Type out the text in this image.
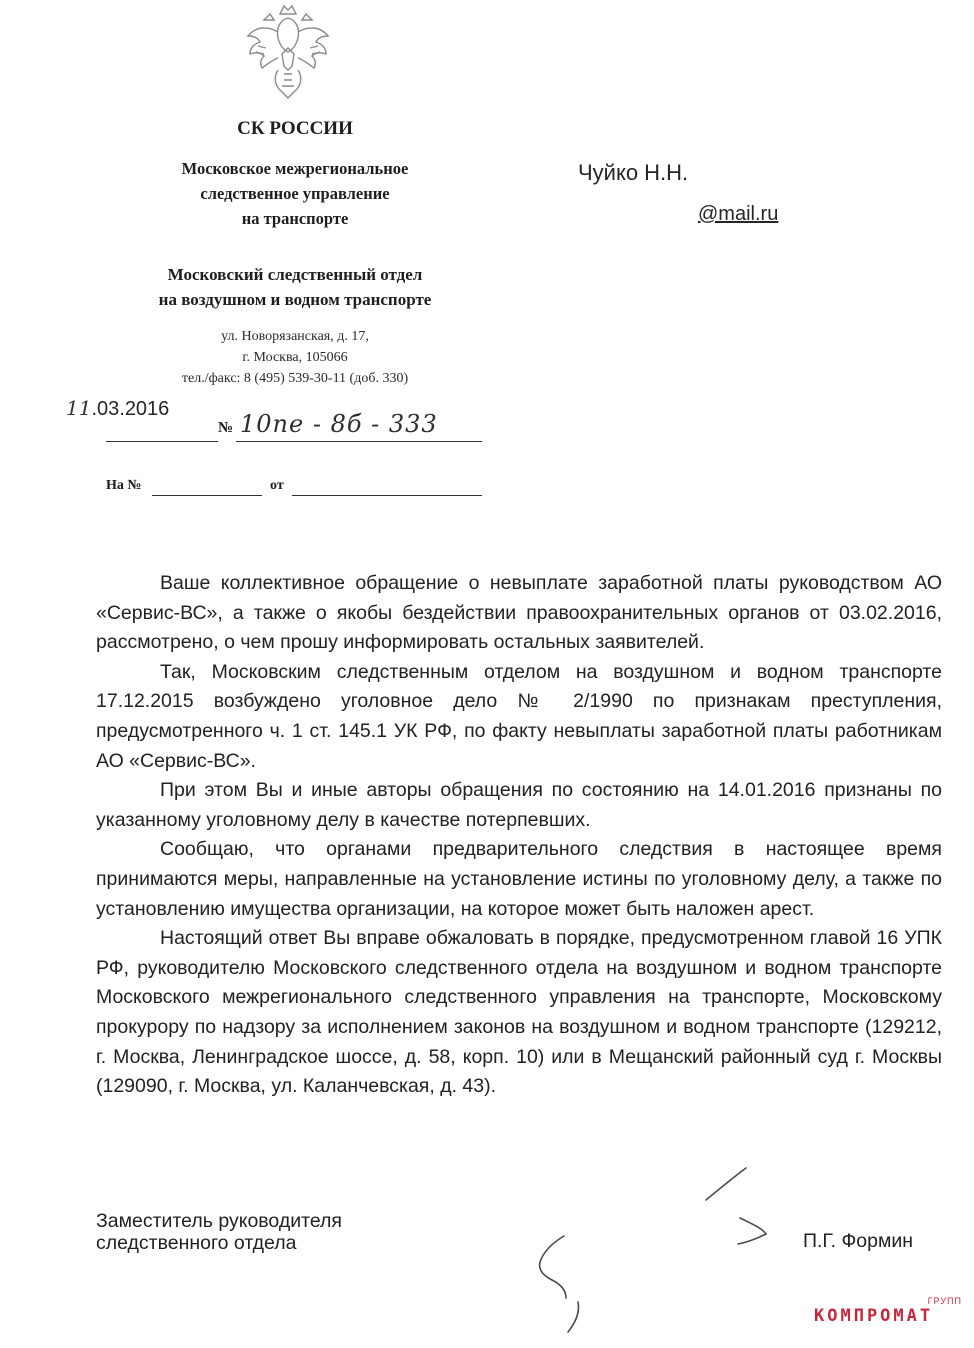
СК РОССИИ
Московское межрегиональное
следственное управление
на транспорте
Московский следственный отдел
на воздушном и водном транспорте
ул. Новорязанская, д. 17,
г. Москва, 105066
тел./факс: 8 (495) 539-30-11 (доб. 330)
Чуйко Н.Н.
@mail.ru
11.03.2016
№ 10пе - 8б - 333
На №	от

Ваше коллективное обращение о невыплате заработной платы руководством АО «Сервис-ВС», а также о якобы бездействии правоохранительных органов от 03.02.2016, рассмотрено, о чем прошу информировать остальных заявителей.

Так, Московским следственным отделом на воздушном и водном транспорте 17.12.2015 возбуждено уголовное дело № 2/1990 по признакам преступления, предусмотренного ч. 1 ст. 145.1 УК РФ, по факту невыплаты заработной платы работникам АО «Сервис-ВС».

При этом Вы и иные авторы обращения по состоянию на 14.01.2016 признаны по указанному уголовному делу в качестве потерпевших.

Сообщаю, что органами предварительного следствия в настоящее время принимаются меры, направленные на установление истины по уголовному делу, а также по установлению имущества организации, на которое может быть наложен арест.

Настоящий ответ Вы вправе обжаловать в порядке, предусмотренном главой 16 УПК РФ, руководителю Московского следственного отдела на воздушном и водном транспорте Московского межрегионального следственного управления на транспорте, Московскому прокурору по надзору за исполнением законов на воздушном и водном транспорте (129212, г. Москва, Ленинградское шоссе, д. 58, корп. 10) или в Мещанский районный суд г. Москвы (129090, г. Москва, ул. Каланчевская, д. 43).

Заместитель руководителя
следственного отдела	П.Г. Формин
ГРУПП
КОМПРОМАТ
